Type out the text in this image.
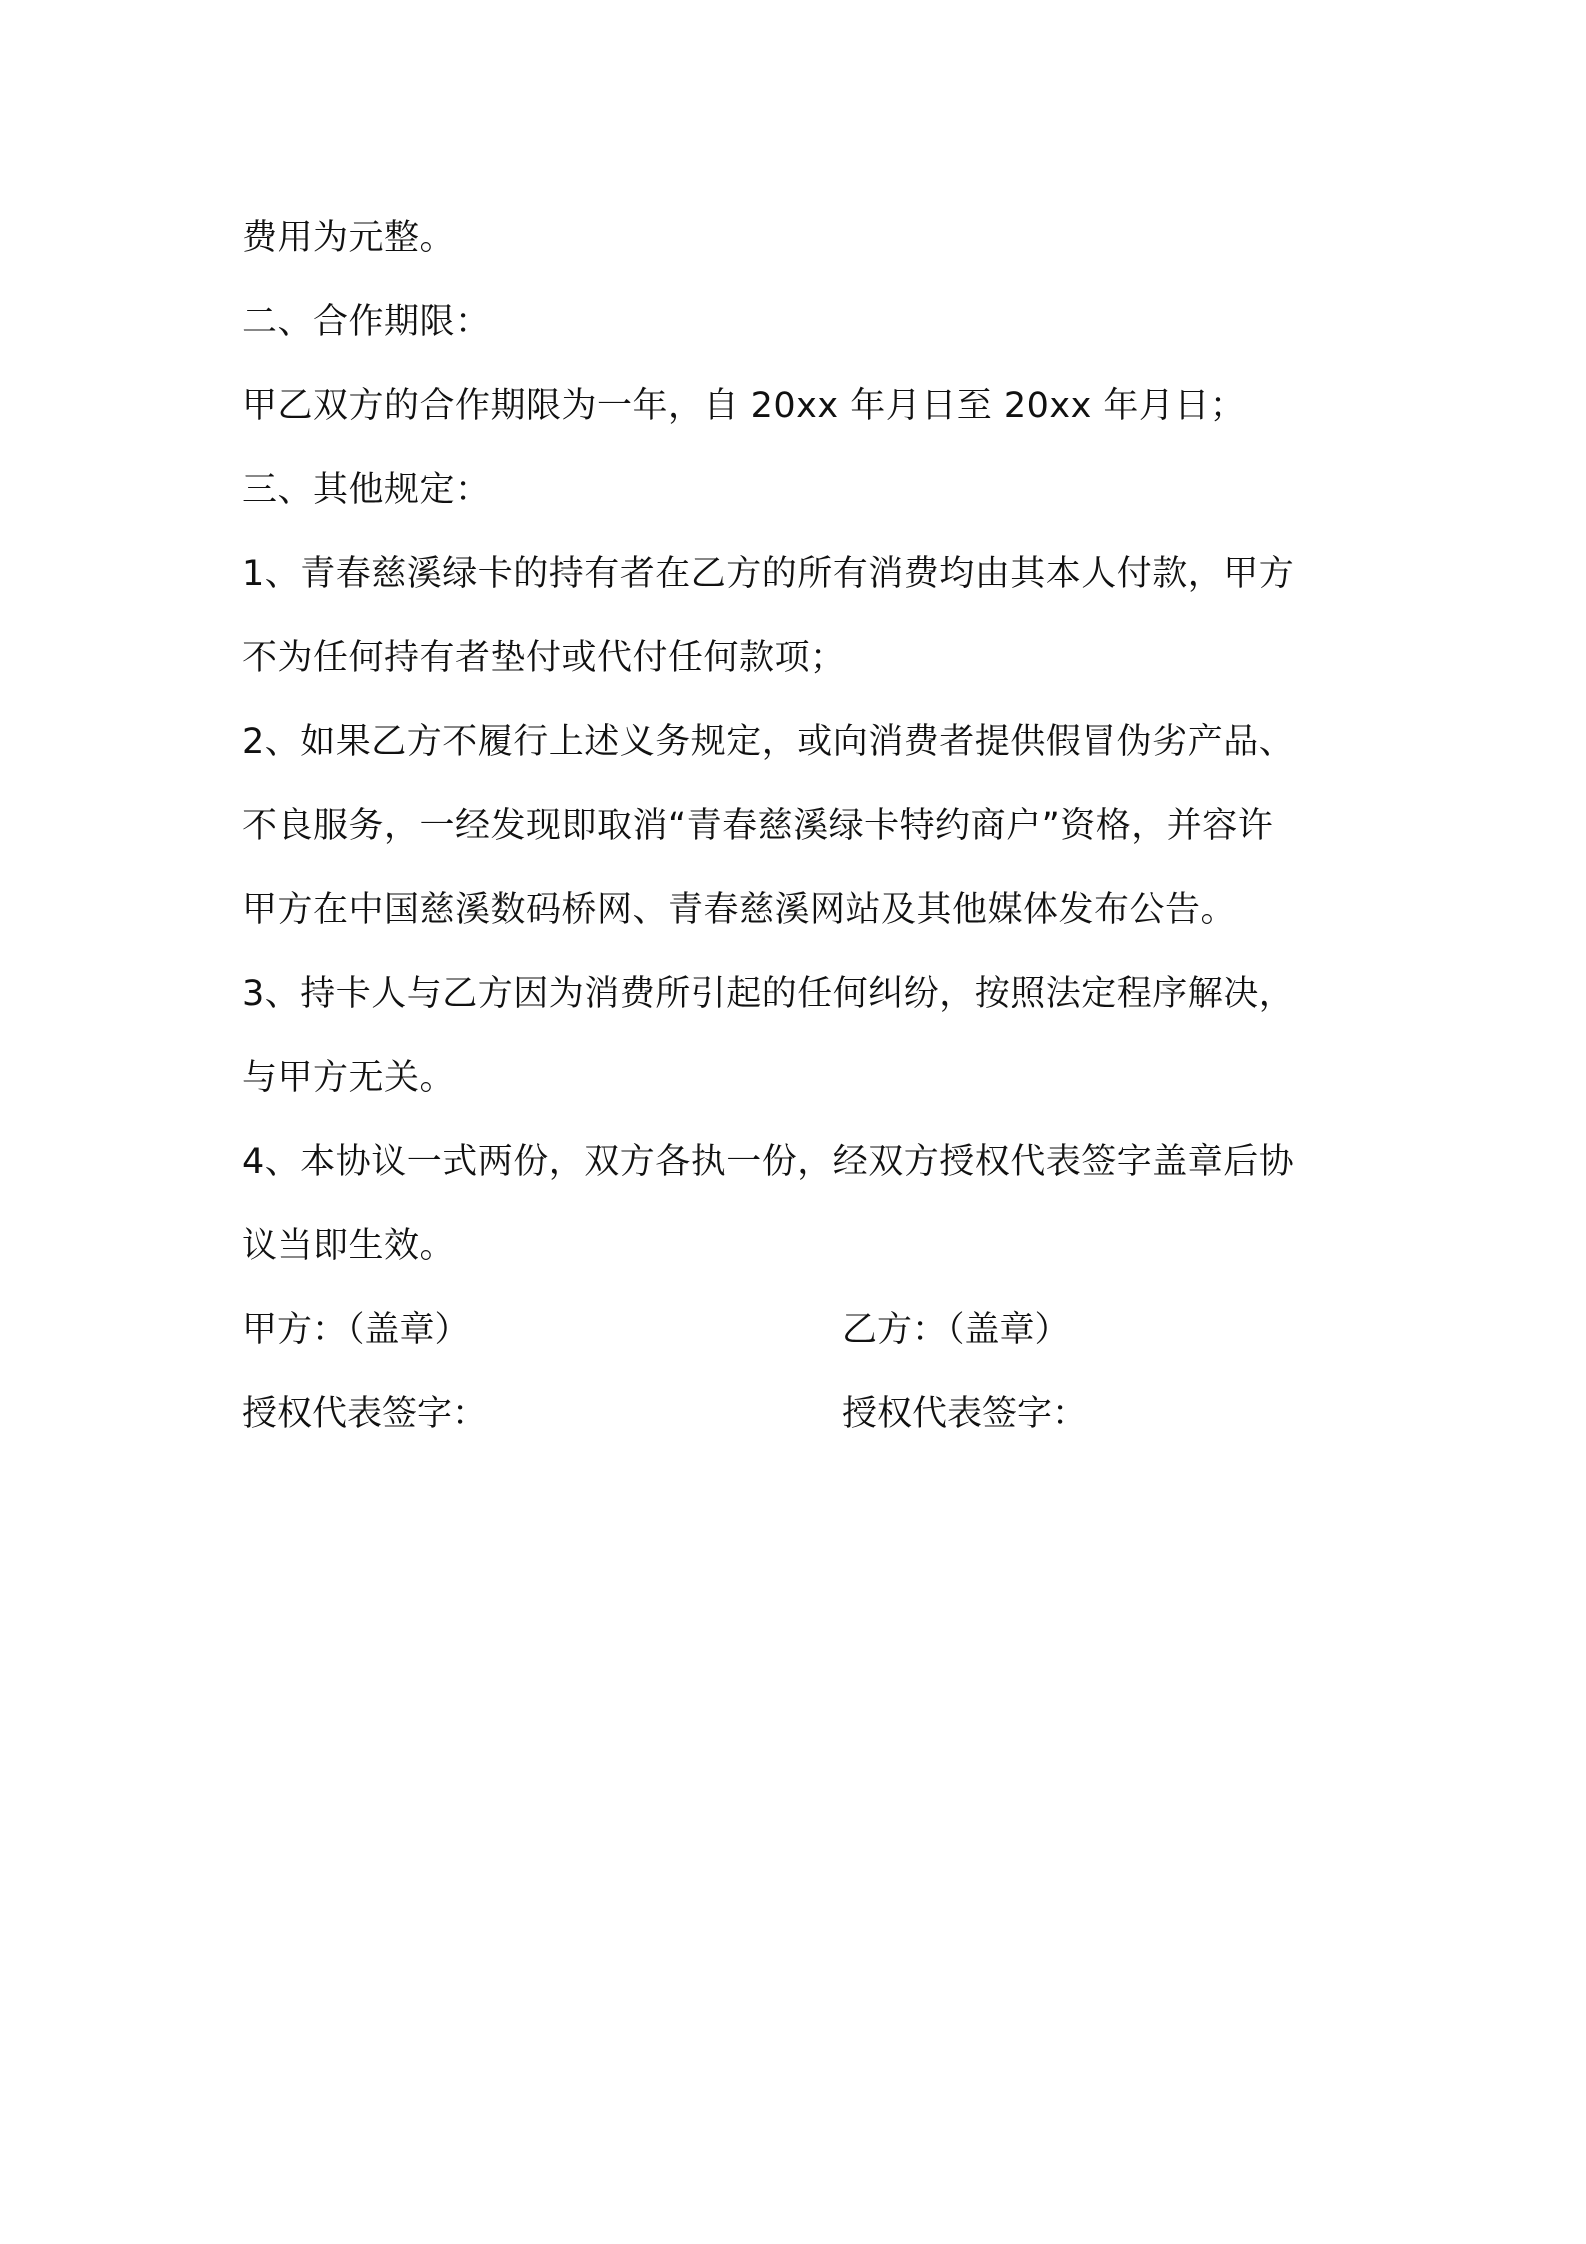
费用为元整。
二、合作期限：
甲乙双方的合作期限为一年，自 20xx 年月日至 20xx 年月日；
三、其他规定：
1、青春慈溪绿卡的持有者在乙方的所有消费均由其本人付款，甲方
不为任何持有者垫付或代付任何款项；
2、如果乙方不履行上述义务规定，或向消费者提供假冒伪劣产品、
不良服务，一经发现即取消“青春慈溪绿卡特约商户”资格，并容许
甲方在中国慈溪数码桥网、青春慈溪网站及其他媒体发布公告。
3、持卡人与乙方因为消费所引起的任何纠纷，按照法定程序解决，
与甲方无关。
4、本协议一式两份，双方各执一份，经双方授权代表签字盖章后协
议当即生效。
甲方：（盖章）	乙方：（盖章）
授权代表签字：	授权代表签字：
